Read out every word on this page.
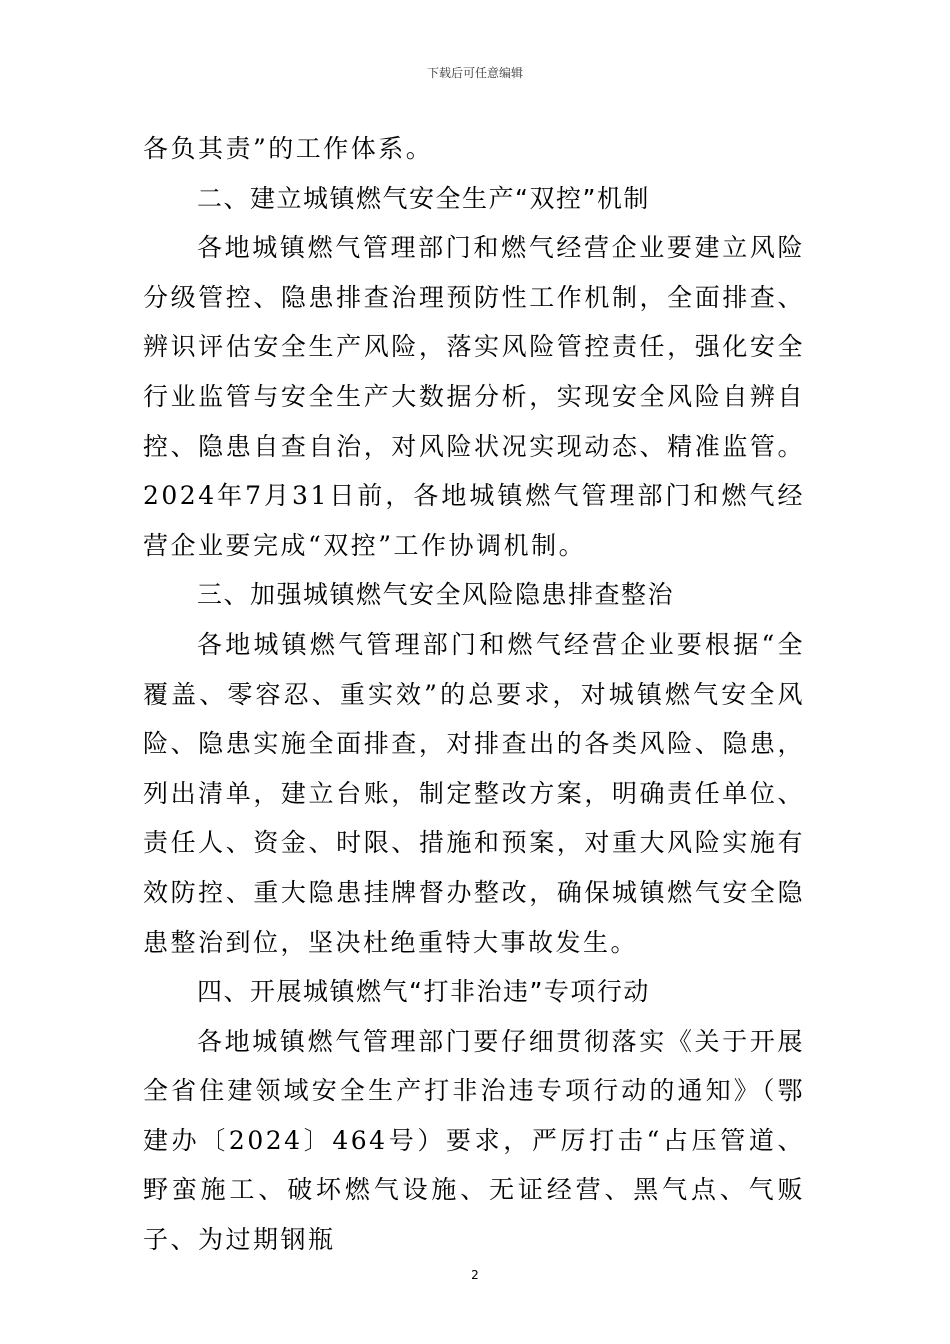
下载后可任意编辑

各负其责”的工作体系。

二、建立城镇燃气安全生产“双控”机制

各地城镇燃气管理部门和燃气经营企业要建立风险分级管控、隐患排查治理预防性工作机制，全面排查、辨识评估安全生产风险，落实风险管控责任，强化安全行业监管与安全生产大数据分析，实现安全风险自辨自控、隐患自查自治，对风险状况实现动态、精准监管。2024年7月31日前，各地城镇燃气管理部门和燃气经营企业要完成“双控”工作协调机制。

三、加强城镇燃气安全风险隐患排查整治

各地城镇燃气管理部门和燃气经营企业要根据“全覆盖、零容忍、重实效”的总要求，对城镇燃气安全风险、隐患实施全面排查，对排查出的各类风险、隐患，列出清单，建立台账，制定整改方案，明确责任单位、责任人、资金、时限、措施和预案，对重大风险实施有效防控、重大隐患挂牌督办整改，确保城镇燃气安全隐患整治到位，坚决杜绝重特大事故发生。

四、开展城镇燃气“打非治违”专项行动

各地城镇燃气管理部门要仔细贯彻落实《关于开展全省住建领域安全生产打非治违专项行动的通知》（鄂建办〔2024〕464号）要求，严厉打击“占压管道、野蛮施工、破坏燃气设施、无证经营、黑气点、气贩子、为过期钢瓶

2
